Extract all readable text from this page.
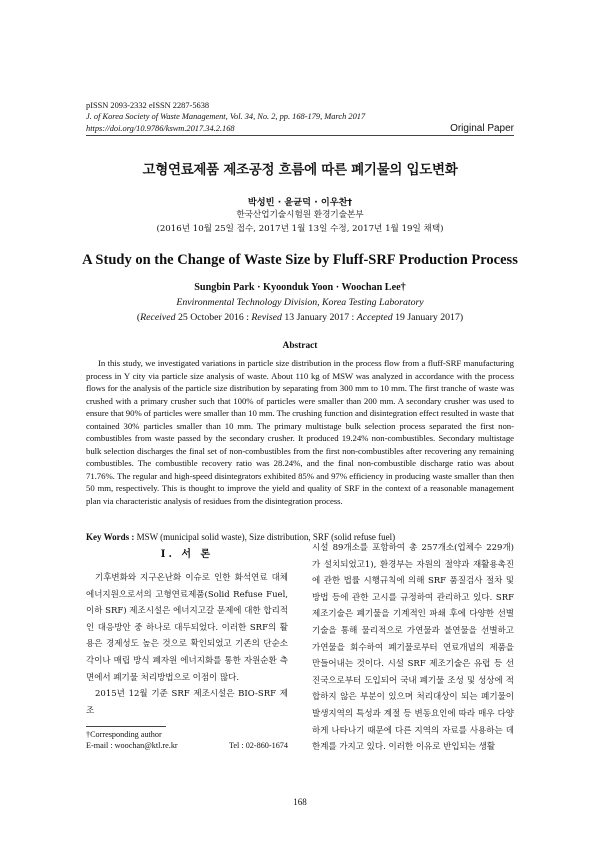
pISSN 2093-2332 eISSN 2287-5638
J. of Korea Society of Waste Management, Vol. 34, No. 2, pp. 168-179, March 2017
https://doi.org/10.9786/kswm.2017.34.2.168	Original Paper
고형연료제품 제조공정 흐름에 따른 폐기물의 입도변화
박성빈 · 윤균덕 · 이우찬†
한국산업기술시험원 환경기술본부
(2016년 10월 25일 접수, 2017년 1월 13일 수정, 2017년 1월 19일 채택)
A Study on the Change of Waste Size by Fluff-SRF Production Process
Sungbin Park · Kyoonduk Yoon · Woochan Lee†
Environmental Technology Division, Korea Testing Laboratory
(Received 25 October 2016 : Revised 13 January 2017 : Accepted 19 January 2017)
Abstract

In this study, we investigated variations in particle size distribution in the process flow from a fluff-SRF manufacturing process in Y city via particle size analysis of waste. About 110 kg of MSW was analyzed in accordance with the process flows for the analysis of the particle size distribution by separating from 300 mm to 10 mm. The first tranche of waste was crushed with a primary crusher such that 100% of particles were smaller than 200 mm. A secondary crusher was used to ensure that 90% of particles were smaller than 10 mm. The crushing function and disintegration effect resulted in waste that contained 30% particles smaller than 10 mm. The primary multistage bulk selection process separated the first non-combustibles from waste passed by the secondary crusher. It produced 19.24% non-combustibles. Secondary multistage bulk selection discharges the final set of non-combustibles from the first non-combustibles after recovering any remaining combustibles. The combustible recovery ratio was 28.24%, and the final non-combustible discharge ratio was about 71.76%. The regular and high-speed disintegrators exhibited 85% and 97% efficiency in producing waste smaller than then 50 mm, respectively. This is thought to improve the yield and quality of SRF in the context of a reasonable management plan via characteristic analysis of residues from the disintegration process.

Key Words : MSW (municipal solid waste), Size distribution, SRF (solid refuse fuel)

I. 서 론

기후변화와 지구온난화 이슈로 인한 화석연료 대체 에너지원으로서의 고형연료제품(Solid Refuse Fuel, 이하 SRF) 제조시설은 에너지고갈 문제에 대한 합리적인 대응방안 중 하나로 대두되었다. 이러한 SRF의 활용은 경제성도 높은 것으로 확인되었고 기존의 단순소각이나 매립 방식 폐자원 에너지화를 통한 자원순환 측면에서 폐기물 처리방법으로 이점이 많다.

2015년 12월 기준 SRF 제조시설은 BIO-SRF 제조

시설 89개소를 포함하여 총 257개소(업체수 229개)가 설치되었고1), 환경부는 자원의 절약과 재활용촉진에 관한 법률 시행규칙에 의해 SRF 품질검사 절차 및 방법 등에 관한 고시를 규정하여 관리하고 있다. SRF 제조기술은 폐기물을 기계적인 파쇄 후에 다양한 선별기술을 통해 물리적으로 가연물과 불연물을 선별하고 가연물을 회수하여 폐기물로부터 연료개념의 제품을 만들어내는 것이다. 시설 SRF 제조기술은 유럽 등 선진국으로부터 도입되어 국내 폐기물 조성 및 성상에 적합하지 않은 부분이 있으며 처리대상이 되는 폐기물이 발생지역의 특성과 계절 등 변동요인에 따라 매우 다양하게 나타나기 때문에 다른 지역의 자료를 사용하는 데 한계를 가지고 있다. 이러한 이유로 반입되는 생활

†Corresponding author
E-mail : woochan@ktl.re.kr	Tel : 02-860-1674
168
